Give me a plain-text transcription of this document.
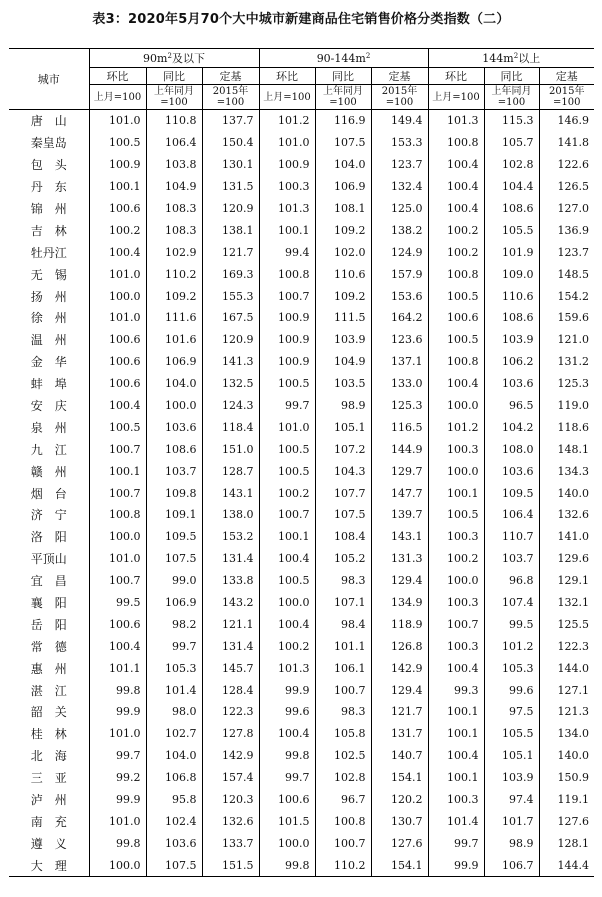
表3：2020年5月70个大中城市新建商品住宅销售价格分类指数（二）
城市	$90m^2$及以下			$90-144m^2$			$144m^2$以上		
	环比	同比	定基	环比	同比	定基	环比	同比	定基
	上月=100	上年同月=100	2015年=100	上月=100	上年同月=100	2015年=100	上月=100	上年同月=100	2015年=100
唐　山	101.0	110.8	137.7	101.2	116.9	149.4	101.3	115.3	146.9
秦皇岛	100.5	106.4	150.4	101.0	107.5	153.3	100.8	105.7	141.8
包　头	100.9	103.8	130.1	100.9	104.0	123.7	100.4	102.8	122.6
丹　东	100.1	104.9	131.5	100.3	106.9	132.4	100.4	104.4	126.5
锦　州	100.6	108.3	120.9	101.3	108.1	125.0	100.4	108.6	127.0
吉　林	100.2	108.3	138.1	100.1	109.2	138.2	100.2	105.5	136.9
牡丹江	100.4	102.9	121.7	99.4	102.0	124.9	100.2	101.9	123.7
无　锡	101.0	110.2	169.3	100.8	110.6	157.9	100.8	109.0	148.5
扬　州	100.0	109.2	155.3	100.7	109.2	153.6	100.5	110.6	154.2
徐　州	101.0	111.6	167.5	100.9	111.5	164.2	100.6	108.6	159.6
温　州	100.6	101.6	120.9	100.9	103.9	123.6	100.5	103.9	121.0
金　华	100.6	106.9	141.3	100.9	104.9	137.1	100.8	106.2	131.2
蚌　埠	100.6	104.0	132.5	100.5	103.5	133.0	100.4	103.6	125.3
安　庆	100.4	100.0	124.3	99.7	98.9	125.3	100.0	96.5	119.0
泉　州	100.5	103.6	118.4	101.0	105.1	116.5	101.2	104.2	118.6
九　江	100.7	108.6	151.0	100.5	107.2	144.9	100.3	108.0	148.1
赣　州	100.1	103.7	128.7	100.5	104.3	129.7	100.0	103.6	134.3
烟　台	100.7	109.8	143.1	100.2	107.7	147.7	100.1	109.5	140.0
济　宁	100.8	109.1	138.0	100.7	107.5	139.7	100.5	106.4	132.6
洛　阳	100.0	109.5	153.2	100.1	108.4	143.1	100.3	110.7	141.0
平顶山	101.0	107.5	131.4	100.4	105.2	131.3	100.2	103.7	129.6
宜　昌	100.7	99.0	133.8	100.5	98.3	129.4	100.0	96.8	129.1
襄　阳	99.5	106.9	143.2	100.0	107.1	134.9	100.3	107.4	132.1
岳　阳	100.6	98.2	121.1	100.4	98.4	118.9	100.7	99.5	125.5
常　德	100.4	99.7	131.4	100.2	101.1	126.8	100.3	101.2	122.3
惠　州	101.1	105.3	145.7	101.3	106.1	142.9	100.4	105.3	144.0
湛　江	99.8	101.4	128.4	99.9	100.7	129.4	99.3	99.6	127.1
韶　关	99.9	98.0	122.3	99.6	98.3	121.7	100.1	97.5	121.3
桂　林	101.0	102.7	127.8	100.4	105.8	131.7	100.1	105.5	134.0
北　海	99.7	104.0	142.9	99.8	102.5	140.7	100.4	105.1	140.0
三　亚	99.2	106.8	157.4	99.7	102.8	154.1	100.1	103.9	150.9
泸　州	99.9	95.8	120.3	100.6	96.7	120.2	100.3	97.4	119.1
南　充	101.0	102.4	132.6	101.5	100.8	130.7	101.4	101.7	127.6
遵　义	99.8	103.6	133.7	100.0	100.7	127.6	99.7	98.9	128.1
大　理	100.0	107.5	151.5	99.8	110.2	154.1	99.9	106.7	144.4
